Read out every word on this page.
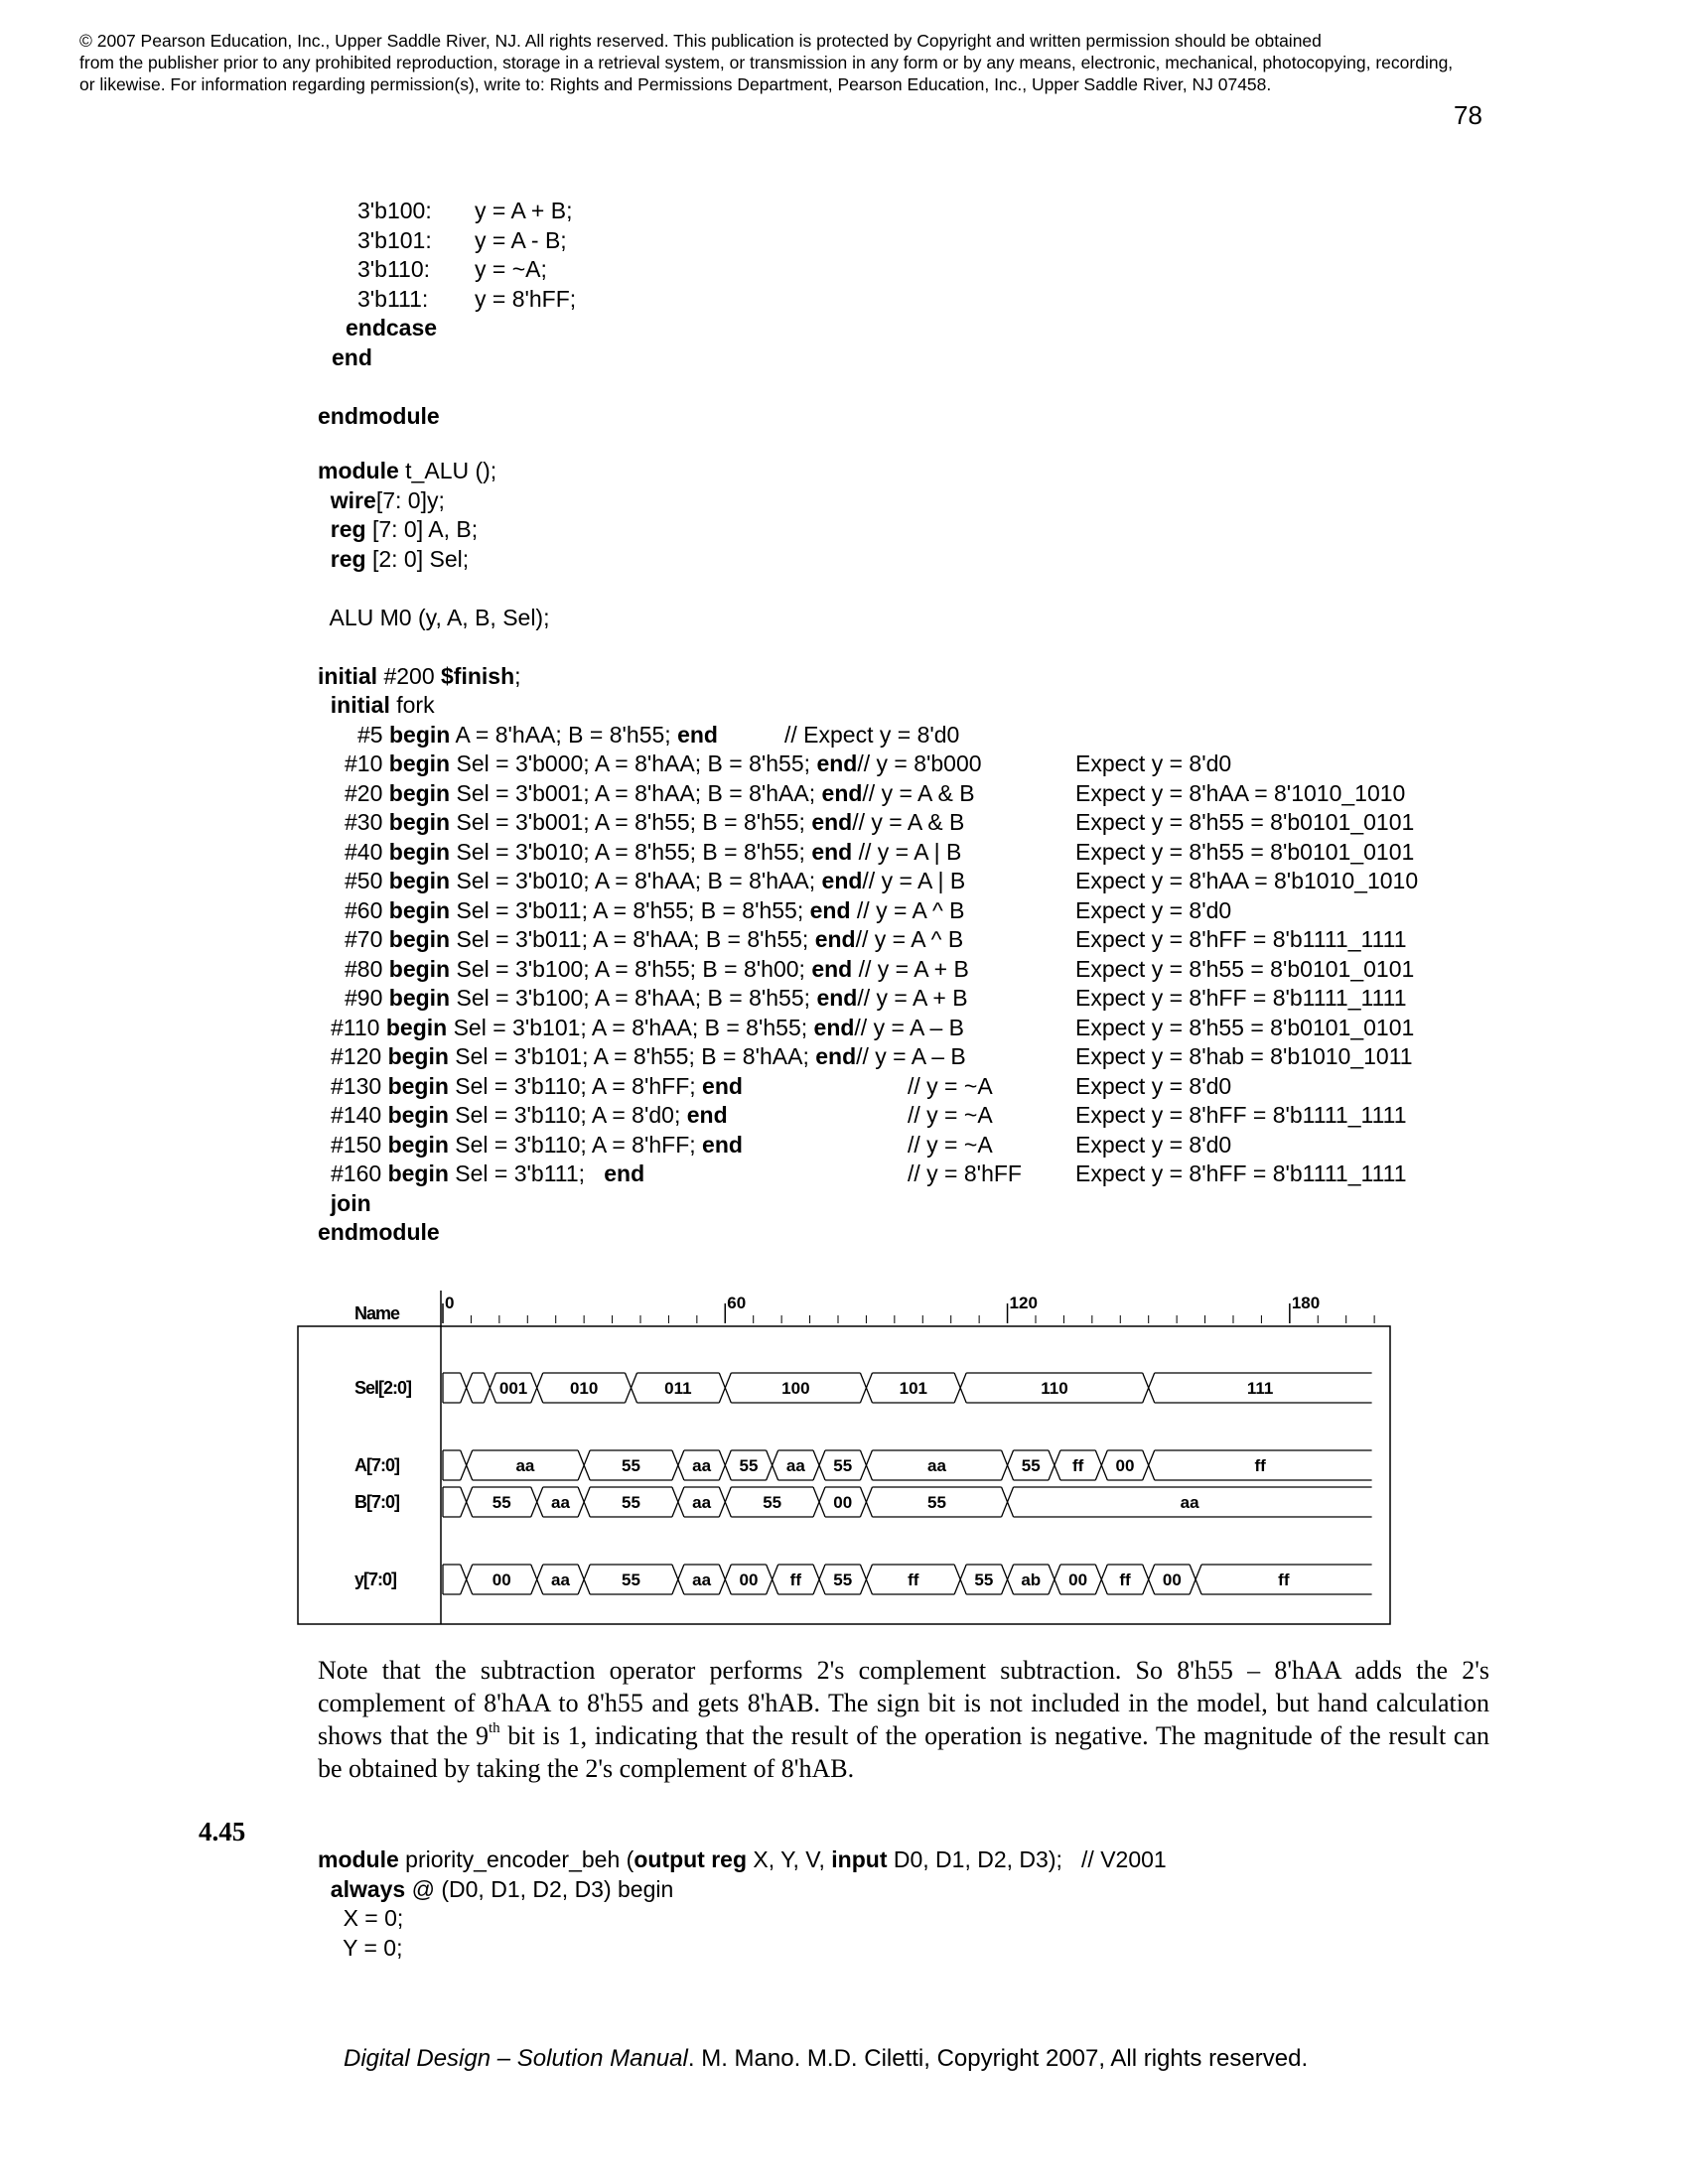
© 2007 Pearson Education, Inc., Upper Saddle River, NJ. All rights reserved. This publication is protected by Copyright and written permission should be obtained
from the publisher prior to any prohibited reproduction, storage in a retrieval system, or transmission in any form or by any means, electronic, mechanical, photocopying, recording,
or likewise. For information regarding permission(s), write to: Rights and Permissions Department, Pearson Education, Inc., Upper Saddle River, NJ 07458.
78
3'b100: y = A + B;
3'b101: y = A - B;
3'b110: y = ~A;
3'b111: y = 8'hFF;
endcase
end
endmodule
module t_ALU ();
wire[7: 0]y;
reg [7: 0] A, B;
reg [2: 0] Sel;
ALU M0 (y, A, B, Sel);
initial #200 $finish;
initial fork
#5 begin A = 8'hAA; B = 8'h55; end	// Expect y = 8'd0
#10 begin Sel = 3'b000; A = 8'hAA; B = 8'h55; end// y = 8'b000	Expect y = 8'd0
#20 begin Sel = 3'b001; A = 8'hAA; B = 8'hAA; end// y = A & B	Expect y = 8'hAA = 8'1010_1010
#30 begin Sel = 3'b001; A = 8'h55; B = 8'h55; end// y = A & B	Expect y = 8'h55 = 8'b0101_0101
#40 begin Sel = 3'b010; A = 8'h55; B = 8'h55; end // y = A | B	Expect y = 8'h55 = 8'b0101_0101
#50 begin Sel = 3'b010; A = 8'hAA; B = 8'hAA; end// y = A | B	Expect y = 8'hAA = 8'b1010_1010
#60 begin Sel = 3'b011; A = 8'h55; B = 8'h55; end // y = A ^ B	Expect y = 8'd0
#70 begin Sel = 3'b011; A = 8'hAA; B = 8'h55; end// y = A ^ B	Expect y = 8'hFF = 8'b1111_1111
#80 begin Sel = 3'b100; A = 8'h55; B = 8'h00; end // y = A + B	Expect y = 8'h55 = 8'b0101_0101
#90 begin Sel = 3'b100; A = 8'hAA; B = 8'h55; end// y = A + B	Expect y = 8'hFF = 8'b1111_1111
#110 begin Sel = 3'b101; A = 8'hAA; B = 8'h55; end// y = A – B	Expect y = 8'h55 = 8'b0101_0101
#120 begin Sel = 3'b101; A = 8'h55; B = 8'hAA; end// y = A – B	Expect y = 8'hab = 8'b1010_1011
#130 begin Sel = 3'b110; A = 8'hFF; end	// y = ~A	Expect y = 8'd0
#140 begin Sel = 3'b110; A = 8'd0; end	// y = ~A	Expect y = 8'hFF = 8'b1111_1111
#150 begin Sel = 3'b110; A = 8'hFF; end	// y = ~A	Expect y = 8'd0
#160 begin Sel = 3'b111;   end	// y = 8'hFF Expect y = 8'hFF = 8'b1111_1111
join
endmodule
Name
0	60	120	180
Sel[2:0]	001	010	011	100	101	110	111
A[7:0]	aa	55	aa 55 aa 55	aa	55 ff 00	ff
B[7:0]	55 aa	55	aa	55	00	55	aa
y[7:0]	00 aa	55	aa 00 ff 55	ff	55 ab 00 ff 00	ff
Note that the subtraction operator performs 2's complement subtraction. So 8'h55 – 8'hAA adds the 2's complement of 8'hAA to 8'h55 and gets 8'hAB. The sign bit is not included in the model, but hand calculation shows that the 9th bit is 1, indicating that the result of the operation is negative. The magnitude of the result can be obtained by taking the 2's complement of 8'hAB.
4.45
module priority_encoder_beh (output reg X, Y, V, input D0, D1, D2, D3);   // V2001
always @ (D0, D1, D2, D3) begin
X = 0;
Y = 0;
Digital Design – Solution Manual. M. Mano. M.D. Ciletti, Copyright 2007, All rights reserved.
